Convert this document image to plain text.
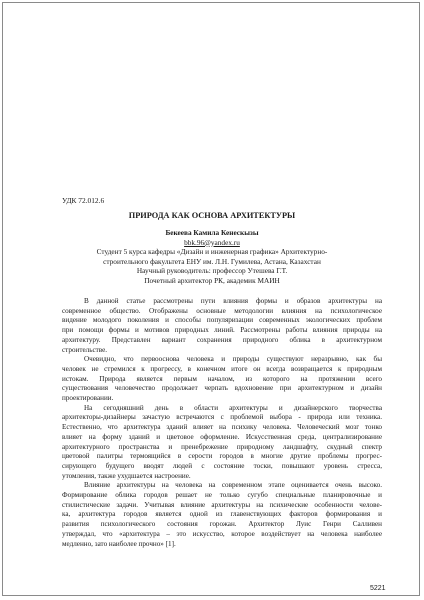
УДК 72.012.6
ПРИРОДА КАК ОСНОВА АРХИТЕКТУРЫ
Бекеева Камила Кенескызы
bbk.96@yandex.ru
Студент 5 курса кафедры «Дизайн и инженерная графика» Архитектурно-
строительного факультета ЕНУ им. Л.Н. Гумилева, Астана, Казахстан
Научный руководитель: профессор Утешева Г.Т.
Почетный архитектор РК, академик МАИН

В данной статье рассмотрены пути влияния формы и образов архитектуры на
современное общество. Отображены основные методологии влияния на психологическое
видение молодого поколения и способы популяризации современных экологических проблем
при помощи формы и мотивов природных линий. Рассмотрены работы влияния природы на
архитектуру. Представлен вариант сохранения природного облика в архитектурном
строительстве.

Очевидно, что первооснова человека и природы существуют неразрывно, как бы
человек не стремился к прогрессу, в конечном итоге он всегда возвращается к природным
истокам. Природа является первым началом, из которого на протяжении всего
существования человечество продолжает черпать вдохновение при архитектурном и дизайн
проектировании.

На сегодняшний день в области архитектуры и дизайнерского творчества
архитекторы-дизайнеры зачастую встречаются с проблемой выбора - природа или техника.
Естественно, что архитектура зданий влияет на психику человека. Человеческий мозг тонко
влияет на форму зданий и цветовое оформление. Искусственная среда, централизирование
архитектурного пространства и пренебрежение природному ландшафту, скудный спектр
цветовой палитры термоящийся в серости городов в многие другие проблемы прогрес-
сирующего будущего вводят людей с состояние тоски, повышают уровень стресса,
утомления, также ухудшается настроение.

Влияние архитектуры на человека на современном этапе оценивается очень высоко.
Формирование облика городов решает не только сугубо специальные планировочные и
стилистические задачи. Учитывая влияние архитектуры на психические особенности челове-
ка, архитектура городов является одной из главенствующих факторов формирования и
развития психологического состояния горожан. Архитектор Луис Генри Салливен
утверждал, что «архитектура – это искусство, которое воздействует на человека наиболее
медленно, зато наиболее прочно» [1].

5221
